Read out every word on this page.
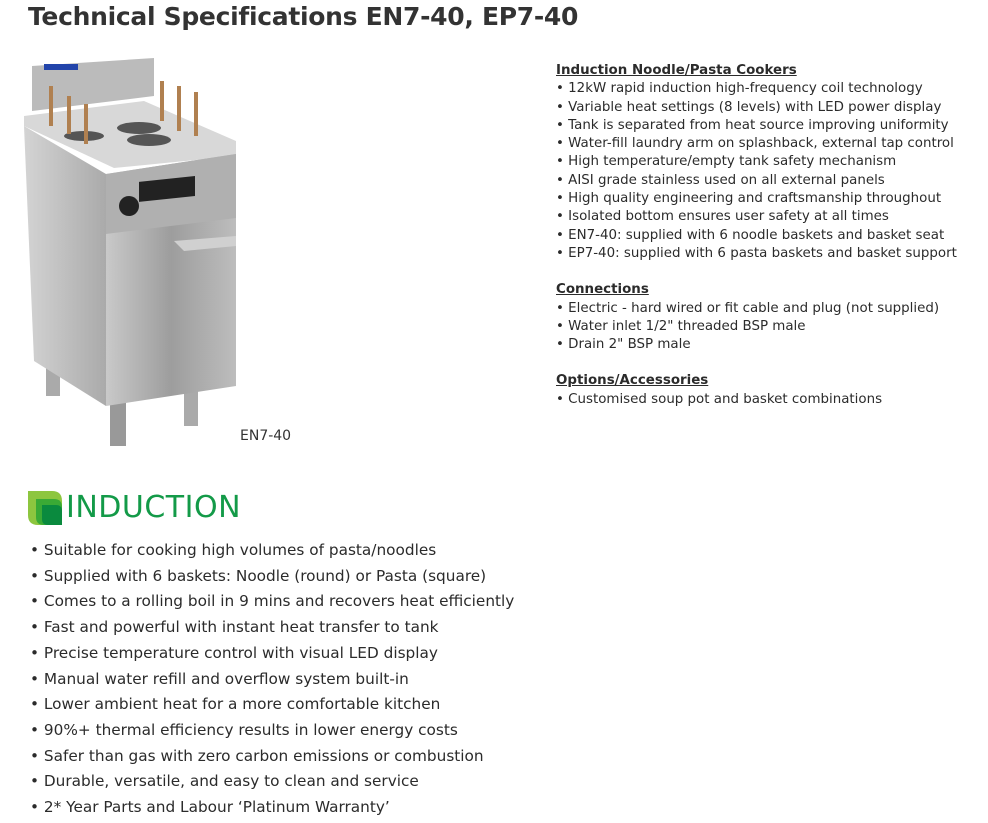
Technical Specifications EN7-40, EP7-40
EN7-40
Induction Noodle/Pasta Cookers
• 12kW rapid induction high-frequency coil technology
• Variable heat settings (8 levels) with LED power display
• Tank is separated from heat source improving uniformity
• Water-fill laundry arm on splashback, external tap control
• High temperature/empty tank safety mechanism
• AISI grade stainless used on all external panels
• High quality engineering and craftsmanship throughout
• Isolated bottom ensures user safety at all times
• EN7-40: supplied with 6 noodle baskets and basket seat
• EP7-40: supplied with 6 pasta baskets and basket support
Connections
• Electric - hard wired or fit cable and plug (not supplied)
• Water inlet 1/2" threaded BSP male
• Drain 2" BSP male
Options/Accessories
• Customised soup pot and basket combinations
INDUCTION
• Suitable for cooking high volumes of pasta/noodles
• Supplied with 6 baskets: Noodle (round) or Pasta (square)
• Comes to a rolling boil in 9 mins and recovers heat efficiently
• Fast and powerful with instant heat transfer to tank
• Precise temperature control with visual LED display
• Manual water refill and overflow system built-in
• Lower ambient heat for a more comfortable kitchen
• 90%+ thermal efficiency results in lower energy costs
• Safer than gas with zero carbon emissions or combustion
• Durable, versatile, and easy to clean and service
• 2* Year Parts and Labour ‘Platinum Warranty’
